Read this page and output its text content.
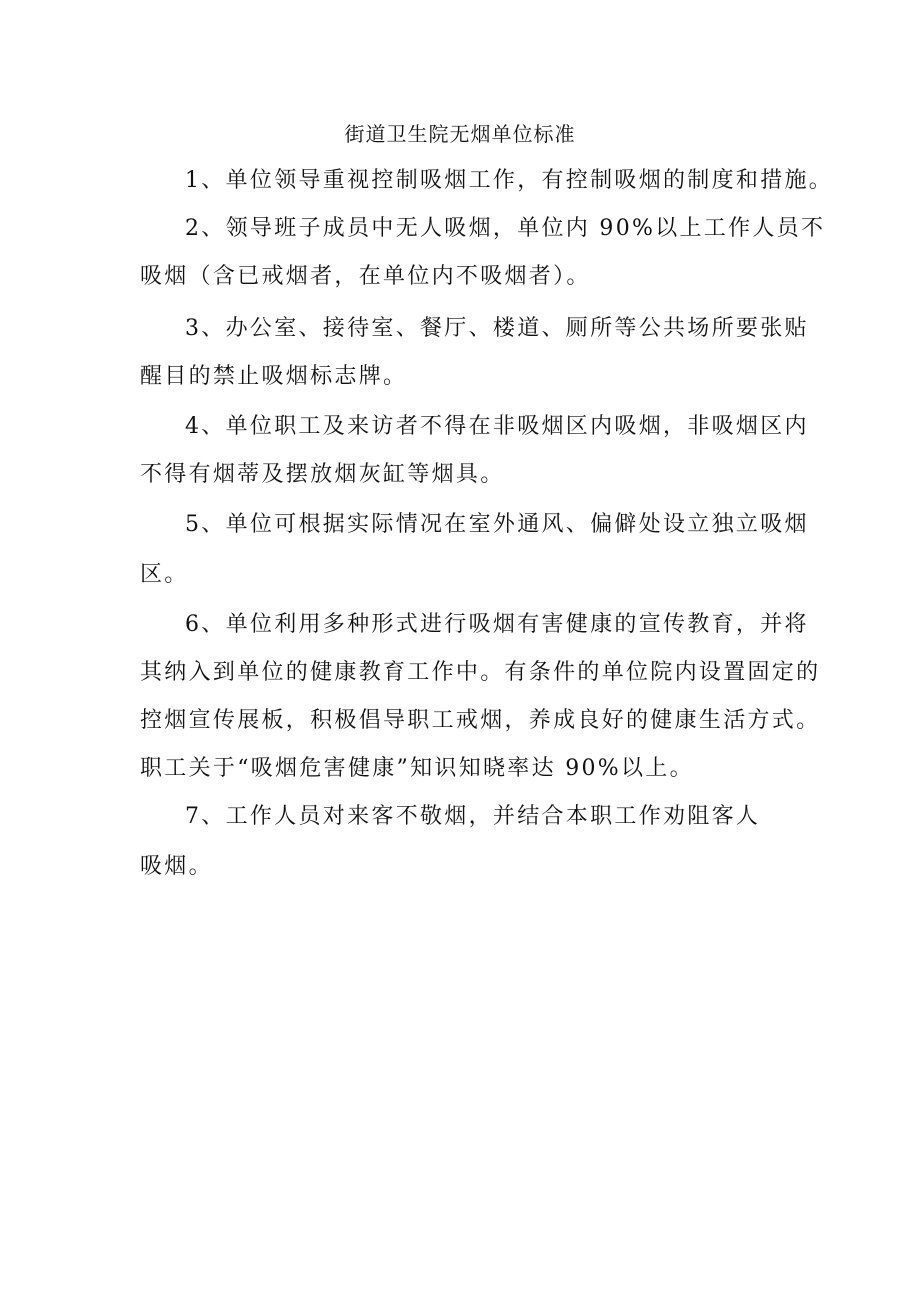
街道卫生院无烟单位标准
1、单位领导重视控制吸烟工作，有控制吸烟的制度和措施。
2、领导班子成员中无人吸烟，单位内 90%以上工作人员不
吸烟（含已戒烟者，在单位内不吸烟者）。
3、办公室、接待室、餐厅、楼道、厕所等公共场所要张贴
醒目的禁止吸烟标志牌。
4、单位职工及来访者不得在非吸烟区内吸烟，非吸烟区内
不得有烟蒂及摆放烟灰缸等烟具。
5、单位可根据实际情况在室外通风、偏僻处设立独立吸烟
区。
6、单位利用多种形式进行吸烟有害健康的宣传教育，并将
其纳入到单位的健康教育工作中。有条件的单位院内设置固定的
控烟宣传展板，积极倡导职工戒烟，养成良好的健康生活方式。
职工关于“吸烟危害健康”知识知晓率达 90%以上。
7、工作人员对来客不敬烟，并结合本职工作劝阻客人
吸烟。
